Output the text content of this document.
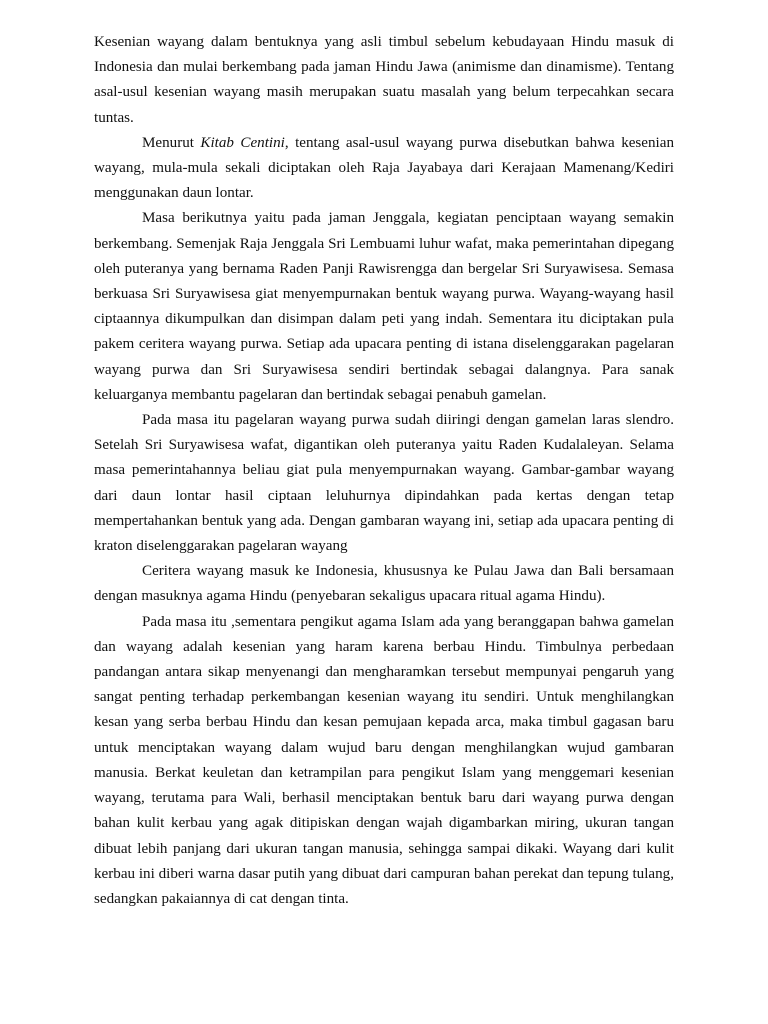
Kesenian wayang dalam bentuknya yang asli timbul sebelum kebudayaan Hindu masuk di Indonesia dan mulai berkembang pada jaman Hindu Jawa (animisme dan dinamisme). Tentang asal-usul kesenian wayang masih merupakan suatu masalah yang belum terpecahkan secara tuntas.

Menurut Kitab Centini, tentang asal-usul wayang purwa disebutkan bahwa kesenian wayang, mula-mula sekali diciptakan oleh Raja Jayabaya dari Kerajaan Mamenang/Kediri menggunakan daun lontar.

Masa berikutnya yaitu pada jaman Jenggala, kegiatan penciptaan wayang semakin berkembang. Semenjak Raja Jenggala Sri Lembuami luhur wafat, maka pemerintahan dipegang oleh puteranya yang bernama Raden Panji Rawisrengga dan bergelar Sri Suryawisesa. Semasa berkuasa Sri Suryawisesa giat menyempurnakan bentuk wayang purwa. Wayang-wayang hasil ciptaannya dikumpulkan dan disimpan dalam peti yang indah. Sementara itu diciptakan pula pakem ceritera wayang purwa. Setiap ada upacara penting di istana diselenggarakan pagelaran wayang purwa dan Sri Suryawisesa sendiri bertindak sebagai dalangnya. Para sanak keluarganya membantu pagelaran dan bertindak sebagai penabuh gamelan.

Pada masa itu pagelaran wayang purwa sudah diiringi dengan gamelan laras slendro. Setelah Sri Suryawisesa wafat, digantikan oleh puteranya yaitu Raden Kudalaleyan. Selama masa pemerintahannya beliau giat pula menyempurnakan wayang. Gambar-gambar wayang dari daun lontar hasil ciptaan leluhurnya dipindahkan pada kertas dengan tetap mempertahankan bentuk yang ada. Dengan gambaran wayang ini, setiap ada upacara penting di kraton diselenggarakan pagelaran wayang

Ceritera wayang masuk ke Indonesia, khususnya ke Pulau Jawa dan Bali bersamaan dengan masuknya agama Hindu (penyebaran sekaligus upacara ritual agama Hindu).

Pada masa itu ,sementara pengikut agama Islam ada yang beranggapan bahwa gamelan dan wayang adalah kesenian yang haram karena berbau Hindu. Timbulnya perbedaan pandangan antara sikap menyenangi dan mengharamkan tersebut mempunyai pengaruh yang sangat penting terhadap perkembangan kesenian wayang itu sendiri. Untuk menghilangkan kesan yang serba berbau Hindu dan kesan pemujaan kepada arca, maka timbul gagasan baru untuk menciptakan wayang dalam wujud baru dengan menghilangkan wujud gambaran manusia. Berkat keuletan dan ketrampilan para pengikut Islam yang menggemari kesenian wayang, terutama para Wali, berhasil menciptakan bentuk baru dari wayang purwa dengan bahan kulit kerbau yang agak ditipiskan dengan wajah digambarkan miring, ukuran tangan dibuat lebih panjang dari ukuran tangan manusia, sehingga sampai dikaki. Wayang dari kulit kerbau ini diberi warna dasar putih yang dibuat dari campuran bahan perekat dan tepung tulang, sedangkan pakaiannya di cat dengan tinta.
